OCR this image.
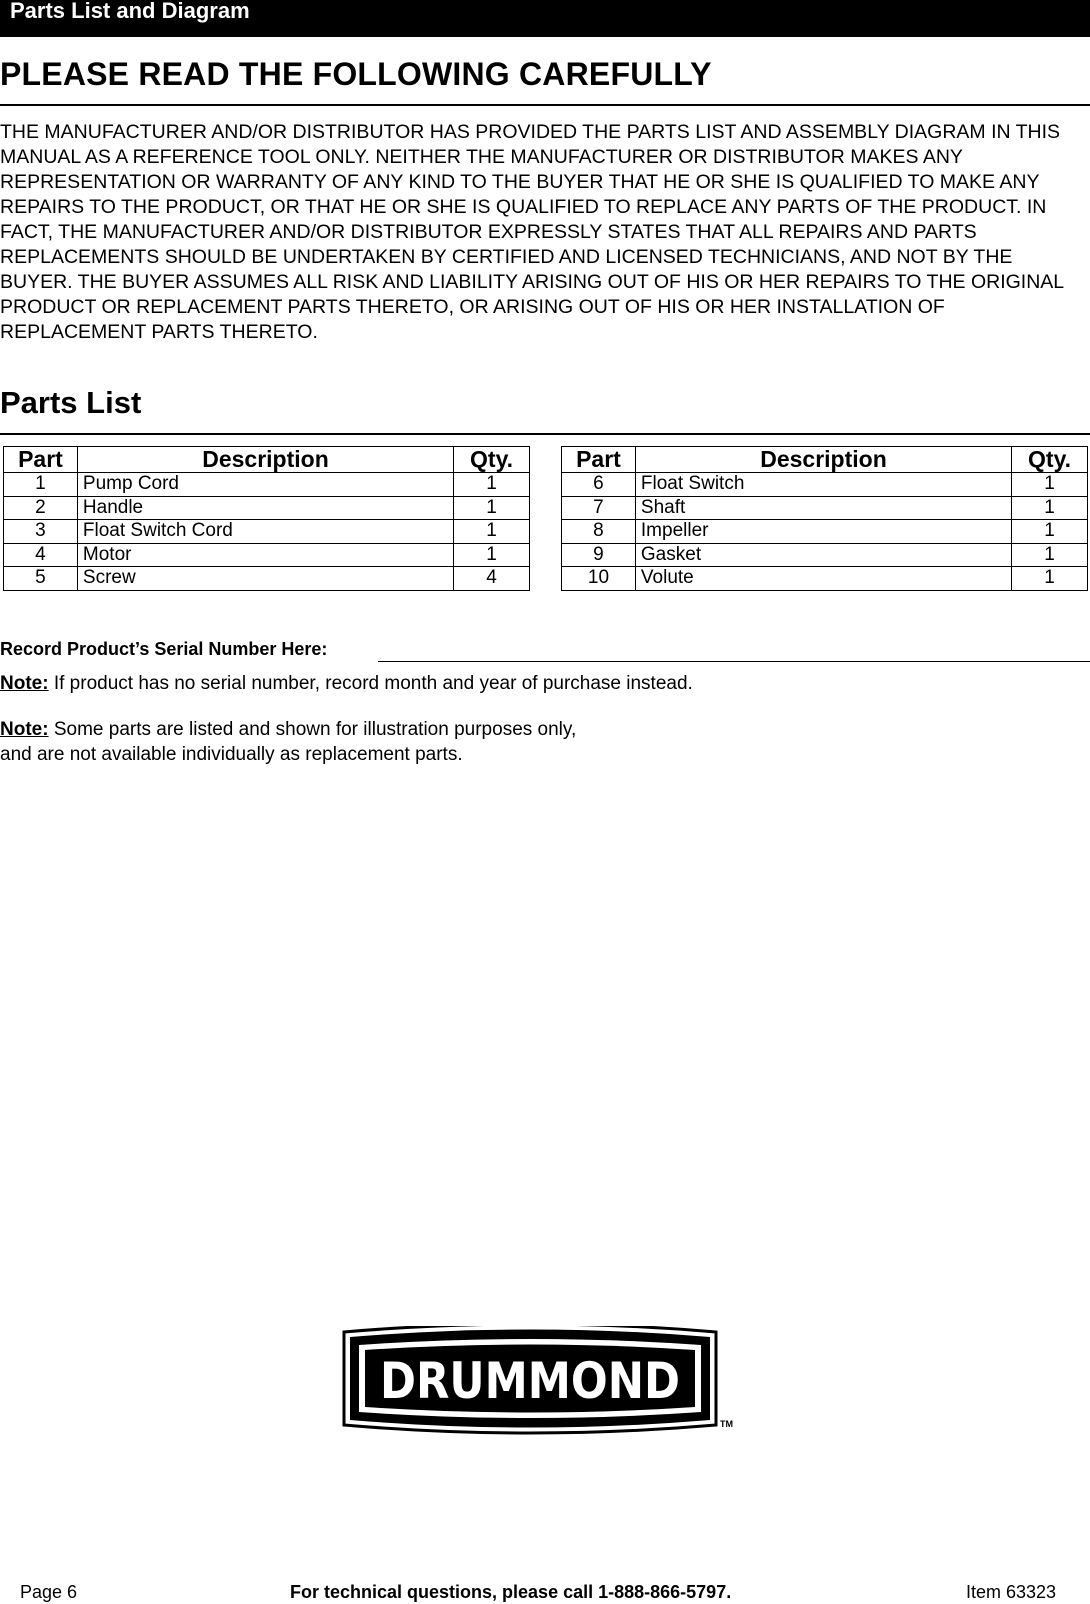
Parts List and Diagram
PLEASE READ THE FOLLOWING CAREFULLY

THE MANUFACTURER AND/OR DISTRIBUTOR HAS PROVIDED THE PARTS LIST AND ASSEMBLY DIAGRAM IN THIS MANUAL AS A REFERENCE TOOL ONLY. NEITHER THE MANUFACTURER OR DISTRIBUTOR MAKES ANY REPRESENTATION OR WARRANTY OF ANY KIND TO THE BUYER THAT HE OR SHE IS QUALIFIED TO MAKE ANY REPAIRS TO THE PRODUCT, OR THAT HE OR SHE IS QUALIFIED TO REPLACE ANY PARTS OF THE PRODUCT. IN FACT, THE MANUFACTURER AND/OR DISTRIBUTOR EXPRESSLY STATES THAT ALL REPAIRS AND PARTS REPLACEMENTS SHOULD BE UNDERTAKEN BY CERTIFIED AND LICENSED TECHNICIANS, AND NOT BY THE BUYER. THE BUYER ASSUMES ALL RISK AND LIABILITY ARISING OUT OF HIS OR HER REPAIRS TO THE ORIGINAL PRODUCT OR REPLACEMENT PARTS THERETO, OR ARISING OUT OF HIS OR HER INSTALLATION OF REPLACEMENT PARTS THERETO.

Parts List
Part	Description	Qty.
1	Pump Cord	1
2	Handle	1
3	Float Switch Cord	1
4	Motor	1
5	Screw	4
Part	Description	Qty.
6	Float Switch	1
7	Shaft	1
8	Impeller	1
9	Gasket	1
10	Volute	1
Record Product’s Serial Number Here:
Note: If product has no serial number, record month and year of purchase instead.
Note: Some parts are listed and shown for illustration purposes only,
and are not available individually as replacement parts.
DRUMMOND
TM
Page 6	For technical questions, please call 1-888-866-5797.	Item 63323
